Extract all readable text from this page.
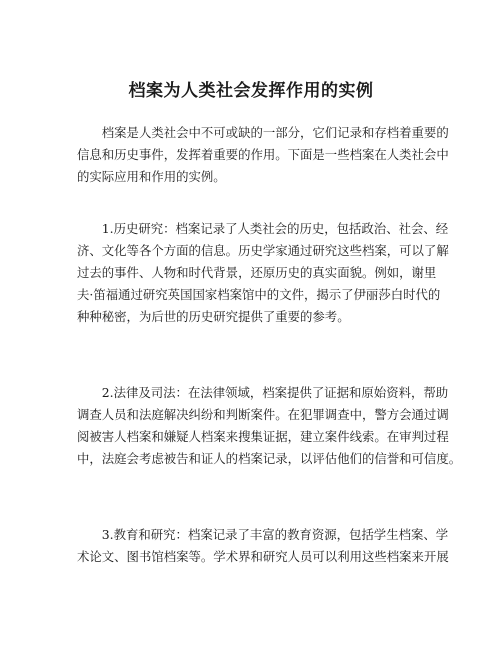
档案为人类社会发挥作用的实例

　　档案是人类社会中不可或缺的一部分，它们记录和存档着重要的
信息和历史事件，发挥着重要的作用。下面是一些档案在人类社会中
的实际应用和作用的实例。

　　1.历史研究：档案记录了人类社会的历史，包括政治、社会、经
济、文化等各个方面的信息。历史学家通过研究这些档案，可以了解
过去的事件、人物和时代背景，还原历史的真实面貌。例如，谢里
夫·笛福通过研究英国国家档案馆中的文件，揭示了伊丽莎白时代的
种种秘密，为后世的历史研究提供了重要的参考。

　　2.法律及司法：在法律领域，档案提供了证据和原始资料，帮助
调查人员和法庭解决纠纷和判断案件。在犯罪调查中，警方会通过调
阅被害人档案和嫌疑人档案来搜集证据，建立案件线索。在审判过程
中，法庭会考虑被告和证人的档案记录，以评估他们的信誉和可信度。

　　3.教育和研究：档案记录了丰富的教育资源，包括学生档案、学
术论文、图书馆档案等。学术界和研究人员可以利用这些档案来开展
